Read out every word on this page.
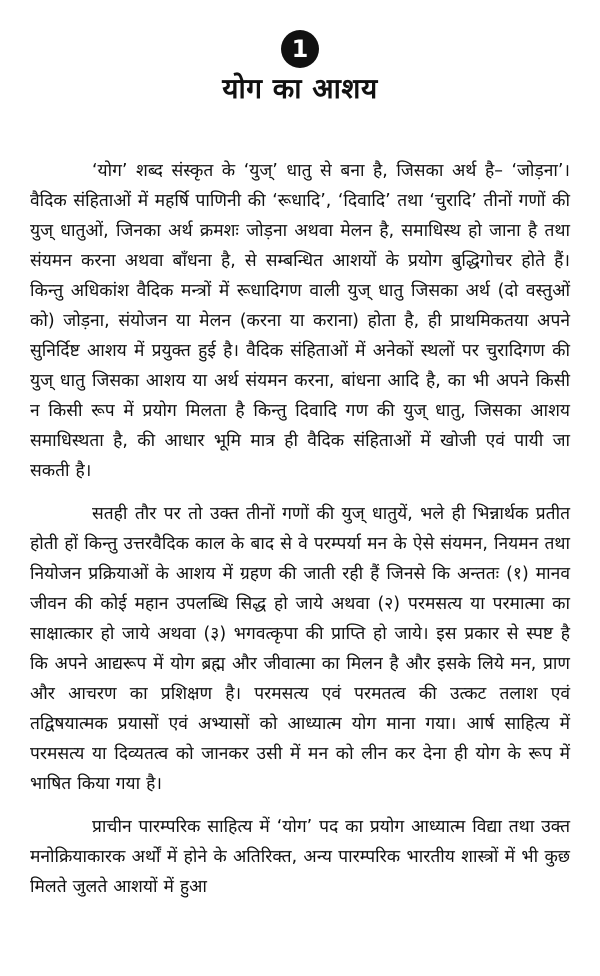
1
योग का आशय

‘योग’ शब्द संस्कृत के ‘युज्’ धातु से बना है, जिसका अर्थ है– ‘जोड़ना’। वैदिक संहिताओं में महर्षि पाणिनी की ‘रूधादि’, ‘दिवादि’ तथा ‘चुरादि’ तीनों गणों की युज् धातुओं, जिनका अर्थ क्रमशः जोड़ना अथवा मेलन है, समाधिस्थ हो जाना है तथा संयमन करना अथवा बाँधना है, से सम्बन्धित आशयों के प्रयोग बुद्धिगोचर होते हैं। किन्तु अधिकांश वैदिक मन्त्रों में रूधादिगण वाली युज् धातु जिसका अर्थ (दो वस्तुओं को) जोड़ना, संयोजन या मेलन (करना या कराना) होता है, ही प्राथमिकतया अपने सुनिर्दिष्ट आशय में प्रयुक्त हुई है। वैदिक संहिताओं में अनेकों स्थलों पर चुरादिगण की युज् धातु जिसका आशय या अर्थ संयमन करना, बांधना आदि है, का भी अपने किसी न किसी रूप में प्रयोग मिलता है किन्तु दिवादि गण की युज् धातु, जिसका आशय समाधिस्थता है, की आधार भूमि मात्र ही वैदिक संहिताओं में खोजी एवं पायी जा सकती है।

सतही तौर पर तो उक्त तीनों गणों की युज् धातुयें, भले ही भिन्नार्थक प्रतीत होती हों किन्तु उत्तरवैदिक काल के बाद से वे परम्पर्या मन के ऐसे संयमन, नियमन तथा नियोजन प्रक्रियाओं के आशय में ग्रहण की जाती रही हैं जिनसे कि अन्ततः (१) मानव जीवन की कोई महान उपलब्धि सिद्ध हो जाये अथवा (२) परमसत्य या परमात्मा का साक्षात्कार हो जाये अथवा (३) भगवत्कृपा की प्राप्ति हो जाये। इस प्रकार से स्पष्ट है कि अपने आद्यरूप में योग ब्रह्म और जीवात्मा का मिलन है और इसके लिये मन, प्राण और आचरण का प्रशिक्षण है। परमसत्य एवं परमतत्व की उत्कट तलाश एवं तद्विषयात्मक प्रयासों एवं अभ्यासों को आध्यात्म योग माना गया। आर्ष साहित्य में परमसत्य या दिव्यतत्व को जानकर उसी में मन को लीन कर देना ही योग के रूप में भाषित किया गया है।

प्राचीन पारम्परिक साहित्य में ‘योग’ पद का प्रयोग आध्यात्म विद्या तथा उक्त मनोक्रियाकारक अर्थों में होने के अतिरिक्त, अन्य पारम्परिक भारतीय शास्त्रों में भी कुछ मिलते जुलते आशयों में हुआ
